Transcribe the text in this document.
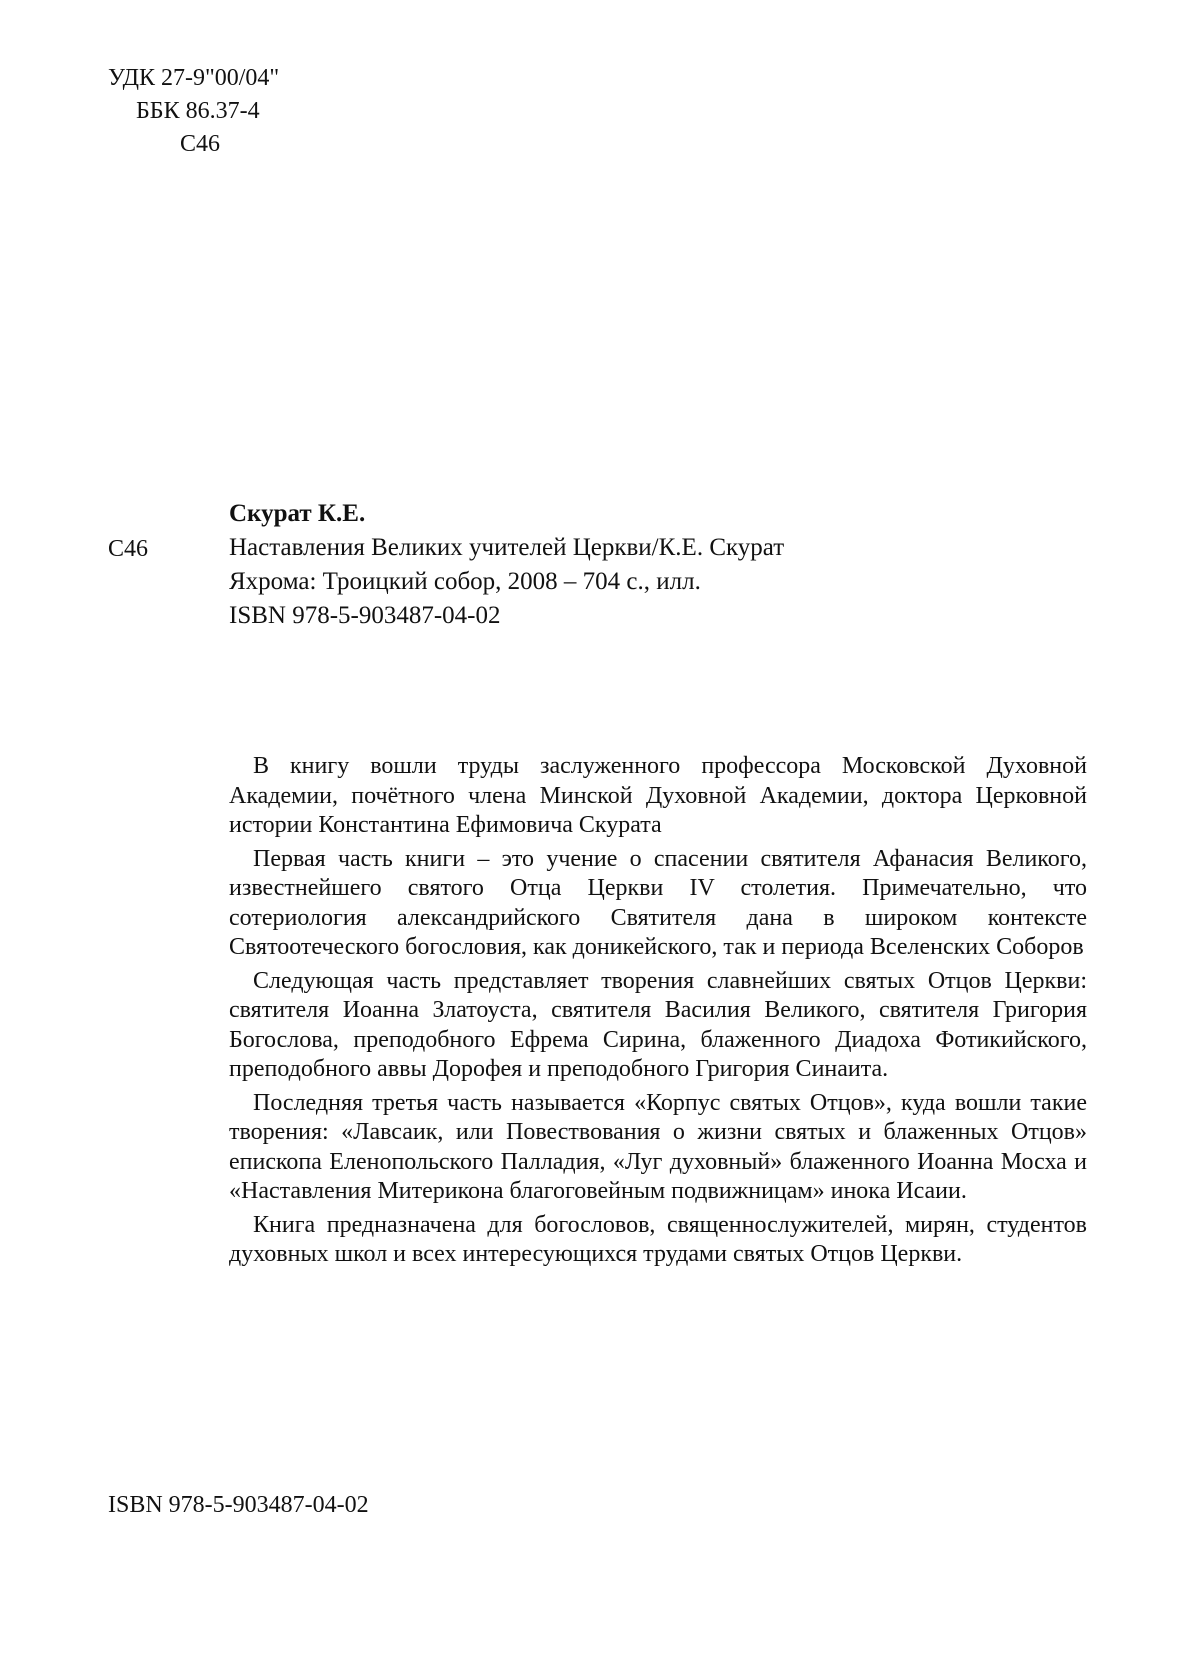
УДК 27-9"00/04"
ББК 86.37-4
С46
С46
Скурат К.Е.
Наставления Великих учителей Церкви/К.Е. Скурат
Яхрома: Троицкий собор, 2008 – 704 с., илл.
ISBN 978-5-903487-04-02

В книгу вошли труды заслуженного профессора Московской Духовной Академии, почётного члена Минской Духовной Академии, доктора Церковной истории Константина Ефимовича Скурата

Первая часть книги – это учение о спасении святителя Афанасия Великого, известнейшего святого Отца Церкви IV столетия. Примечательно, что сотериология александрийского Святителя дана в широком контексте Святоотеческого богословия, как доникейского, так и периода Вселенских Соборов

Следующая часть представляет творения славнейших святых Отцов Церкви: святителя Иоанна Златоуста, святителя Василия Великого, святителя Григория Богослова, преподобного Ефрема Сирина, блаженного Диадоха Фотикийского, преподобного аввы Дорофея и преподобного Григория Синаита.

Последняя третья часть называется «Корпус святых Отцов», куда вошли такие творения: «Лавсаик, или Повествования о жизни святых и блаженных Отцов» епископа Еленопольского Палладия, «Луг духовный» блаженного Иоанна Мосха и «Наставления Митерикона благоговейным подвижницам» инока Исаии.

Книга предназначена для богословов, священнослужителей, мирян, студентов духовных школ и всех интересующихся трудами святых Отцов Церкви.

ISBN 978-5-903487-04-02
